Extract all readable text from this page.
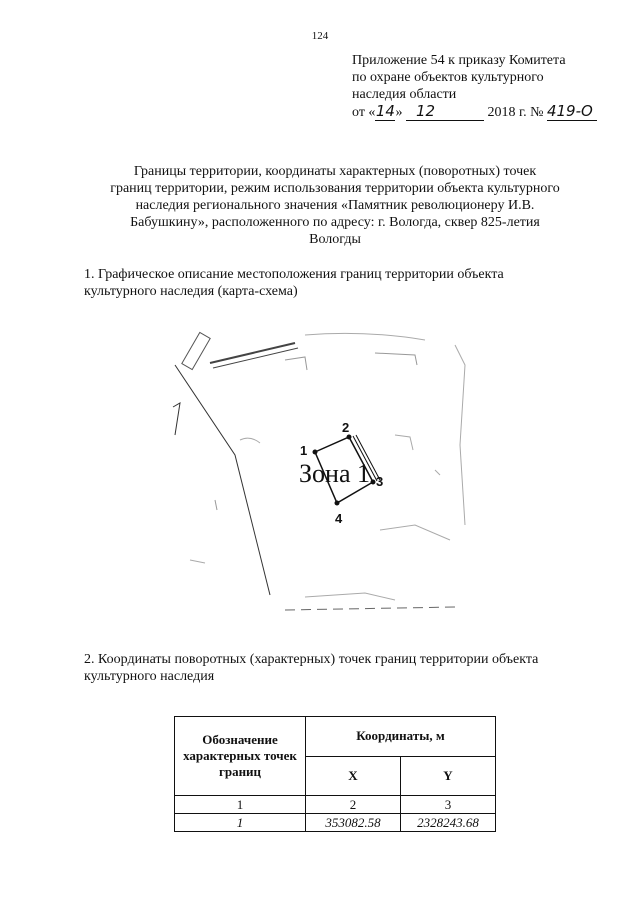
124
Приложение 54 к приказу Комитета
по охране объектов культурного
наследия области
от «14» 12	2018 г. № 419-О
Границы территории, координаты характерных (поворотных) точек
границ территории, режим использования территории объекта культурного
наследия регионального значения «Памятник революционеру И.В.
Бабушкину», расположенного по адресу: г. Вологда, сквер 825-летия
Вологды
1. Графическое описание местоположения границ территории объекта
культурного наследия (карта-схема)
Зона 1
1
2
3
4
2. Координаты поворотных (характерных) точек границ территории объекта
культурного наследия
Обозначение характерных точек границ	Координаты, м	
	X	Y
1	2	3
1	353082.58	2328243.68
